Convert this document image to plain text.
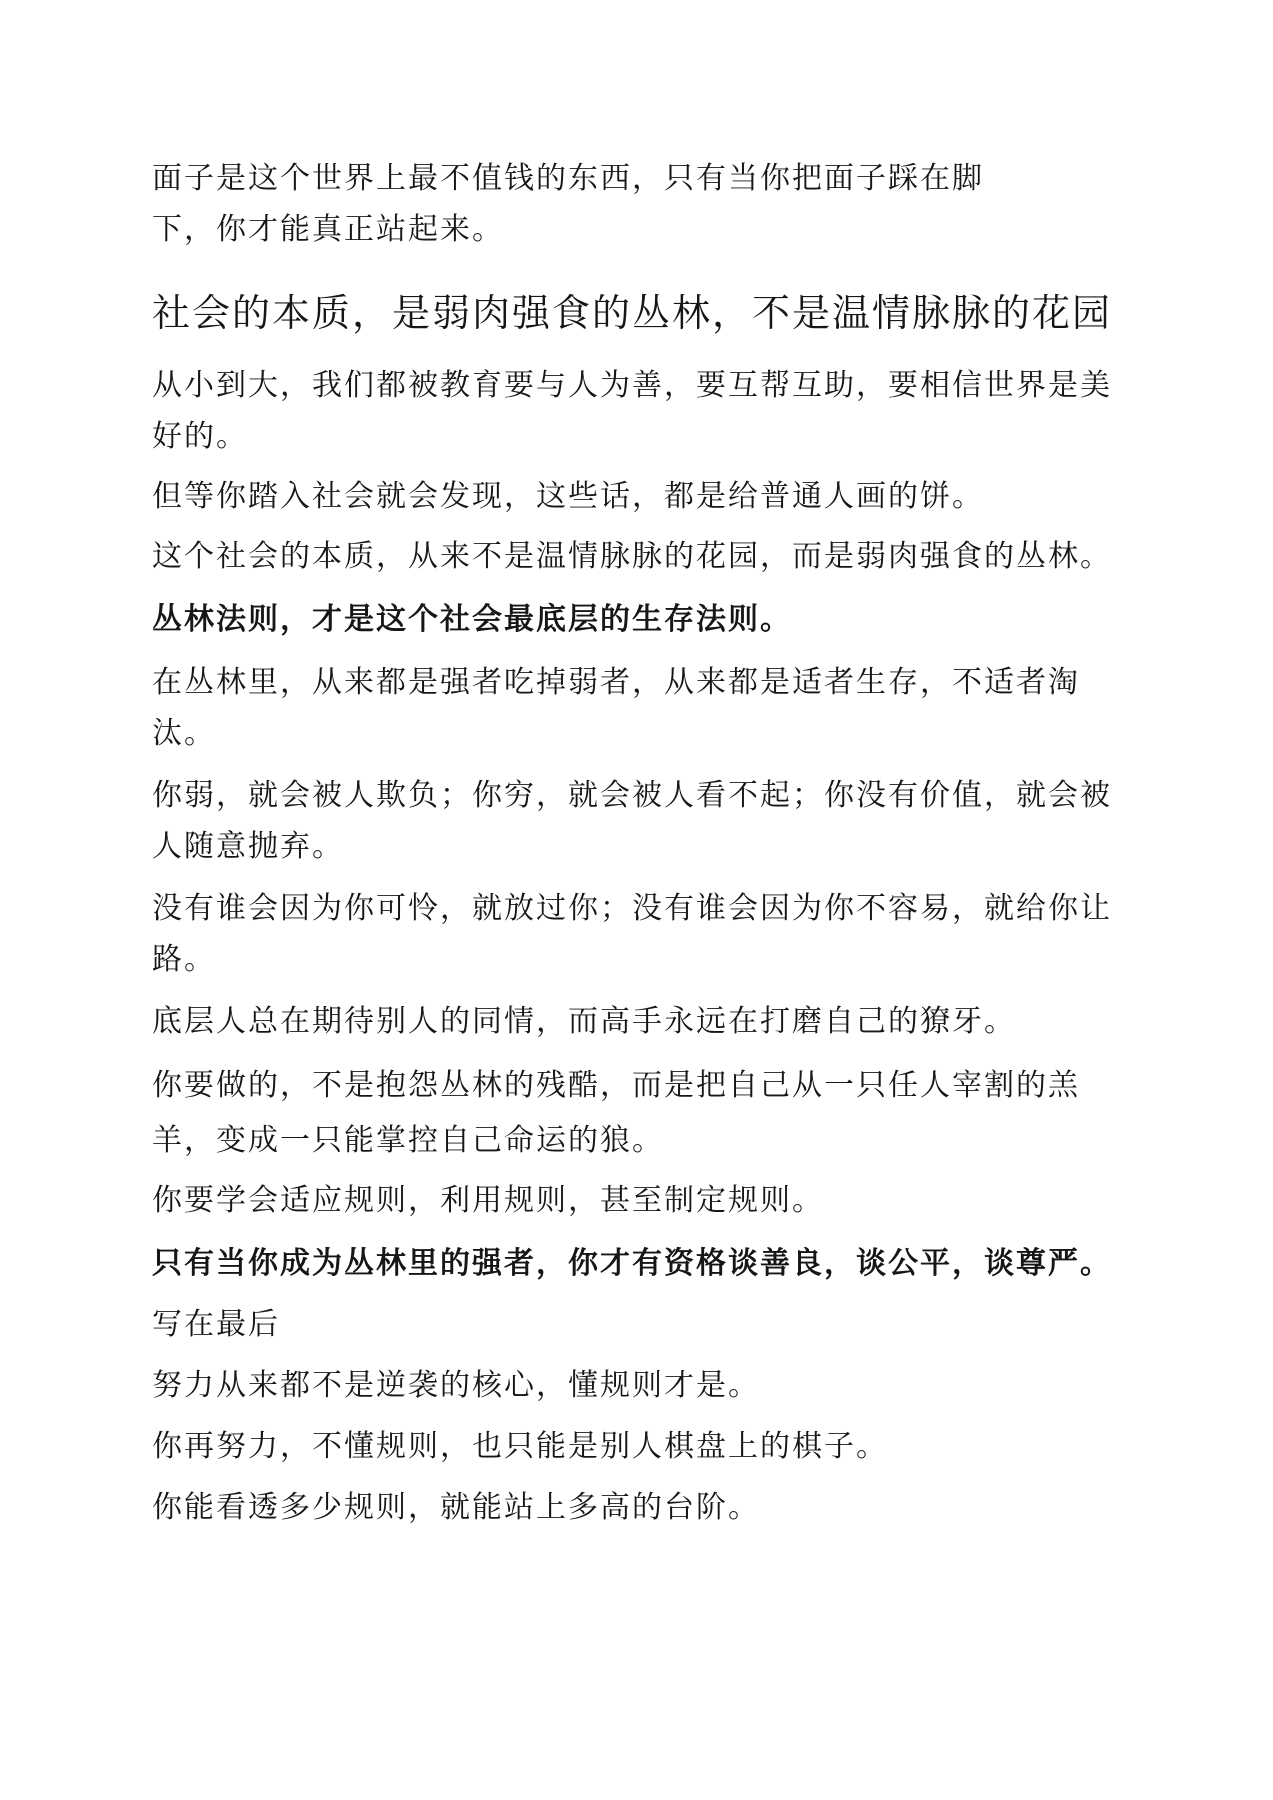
面子是这个世界上最不值钱的东西，只有当你把面子踩在脚
下，你才能真正站起来。

社会的本质，是弱肉强食的丛林，不是温情脉脉的花园

从小到大，我们都被教育要与人为善，要互帮互助，要相信世界是美好的。

但等你踏入社会就会发现，这些话，都是给普通人画的饼。

这个社会的本质，从来不是温情脉脉的花园，而是弱肉强食的丛林。

丛林法则，才是这个社会最底层的生存法则。

在丛林里，从来都是强者吃掉弱者，从来都是适者生存，不适者淘汰。

你弱，就会被人欺负；你穷，就会被人看不起；你没有价值，就会被人随意抛弃。

没有谁会因为你可怜，就放过你；没有谁会因为你不容易，就给你让路。

底层人总在期待别人的同情，而高手永远在打磨自己的獠牙。

你要做的，不是抱怨丛林的残酷，而是把自己从一只任人宰割的羔羊，变成一只能掌控自己命运的狼。

你要学会适应规则，利用规则，甚至制定规则。

只有当你成为丛林里的强者，你才有资格谈善良，谈公平，谈尊严。

写在最后

努力从来都不是逆袭的核心，懂规则才是。

你再努力，不懂规则，也只能是别人棋盘上的棋子。

你能看透多少规则，就能站上多高的台阶。
